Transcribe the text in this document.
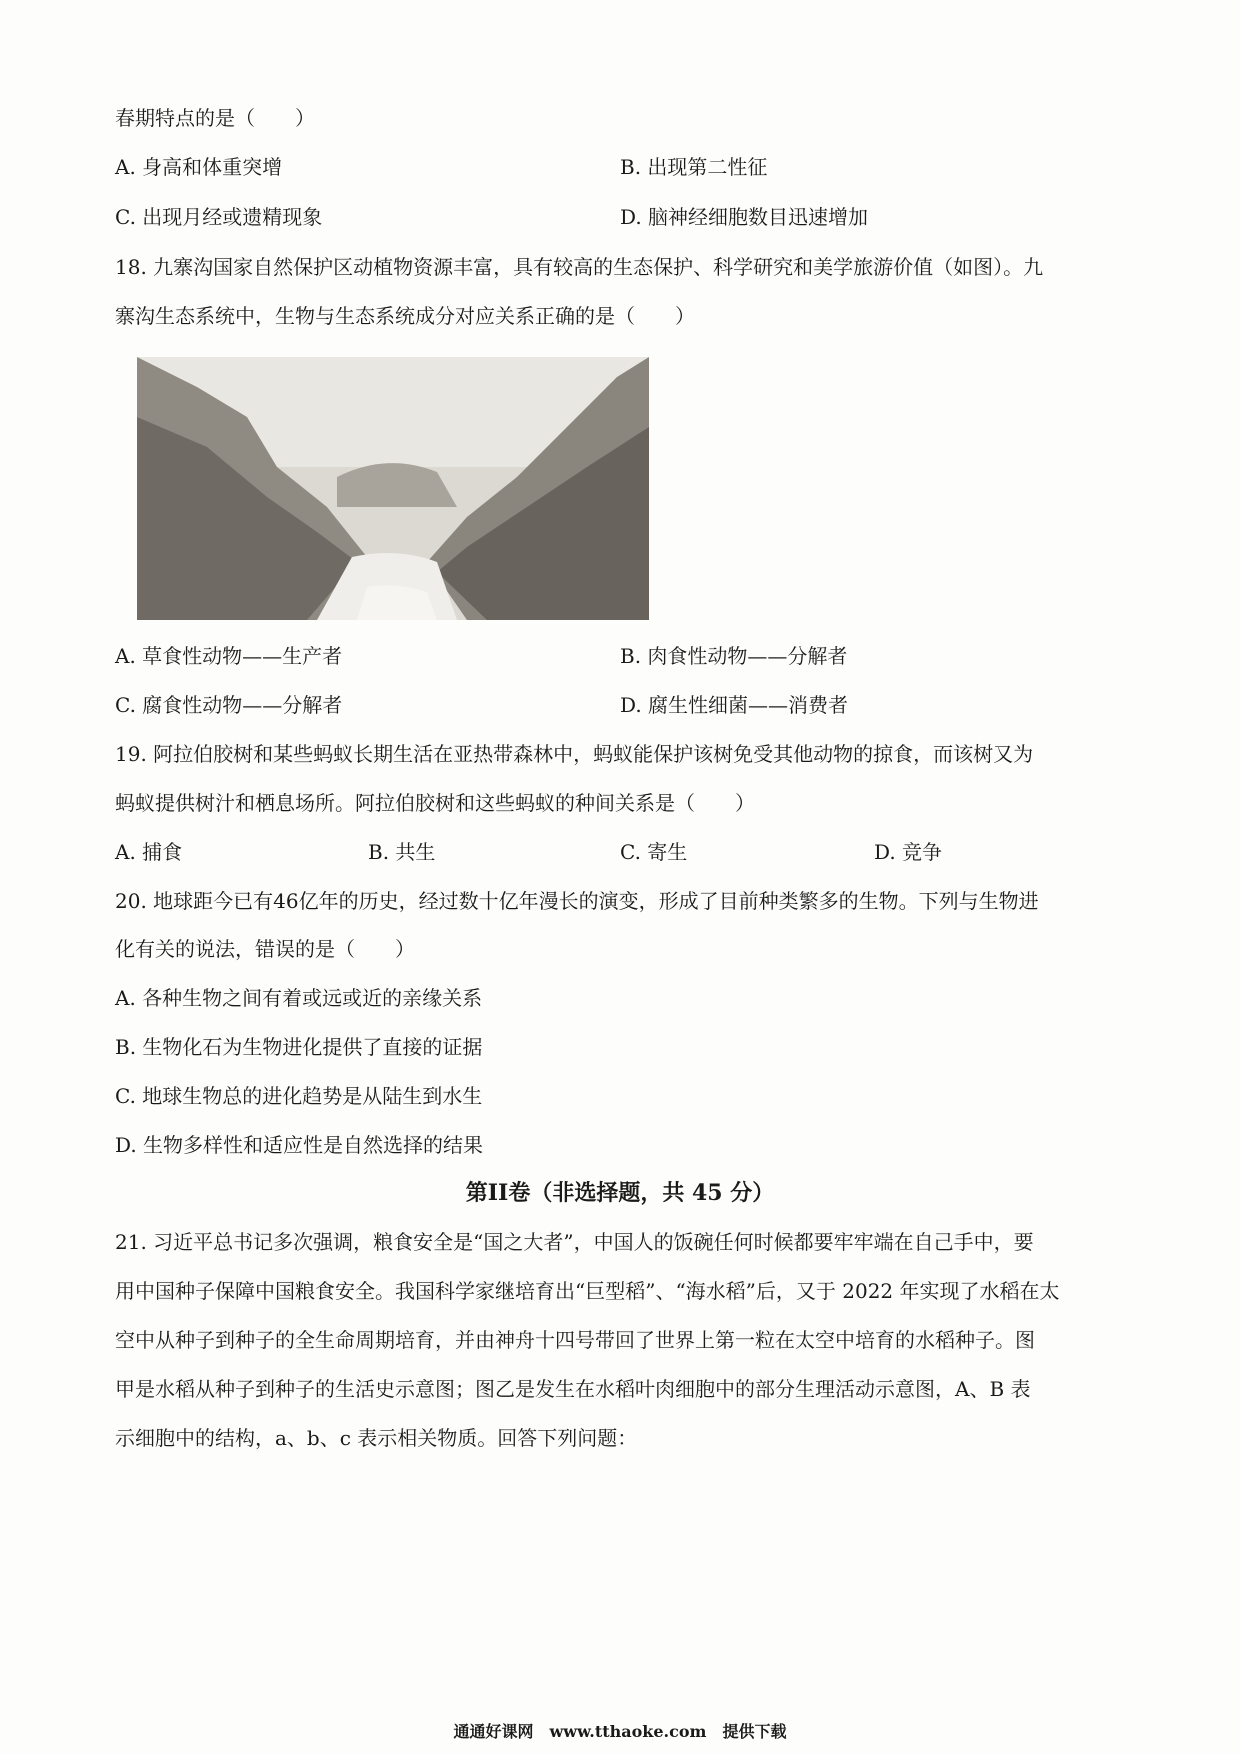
春期特点的是（　　）
A. 身高和体重突增	B. 出现第二性征
C. 出现月经或遗精现象	D. 脑神经细胞数目迅速增加
18. 九寨沟国家自然保护区动植物资源丰富，具有较高的生态保护、科学研究和美学旅游价值（如图）。九
寨沟生态系统中，生物与生态系统成分对应关系正确的是（　　）
A. 草食性动物——生产者	B. 肉食性动物——分解者
C. 腐食性动物——分解者	D. 腐生性细菌——消费者
19. 阿拉伯胶树和某些蚂蚁长期生活在亚热带森林中，蚂蚁能保护该树免受其他动物的掠食，而该树又为
蚂蚁提供树汁和栖息场所。阿拉伯胶树和这些蚂蚁的种间关系是（　　）
A. 捕食	B. 共生	C. 寄生	D. 竞争
20. 地球距今已有46亿年的历史，经过数十亿年漫长的演变，形成了目前种类繁多的生物。下列与生物进
化有关的说法，错误的是（　　）
A. 各种生物之间有着或远或近的亲缘关系
B. 生物化石为生物进化提供了直接的证据
C. 地球生物总的进化趋势是从陆生到水生
D. 生物多样性和适应性是自然选择的结果
第II卷（非选择题，共 45 分）
21. 习近平总书记多次强调，粮食安全是“国之大者”，中国人的饭碗任何时候都要牢牢端在自己手中，要
用中国种子保障中国粮食安全。我国科学家继培育出“巨型稻”、“海水稻”后，又于 2022 年实现了水稻在太
空中从种子到种子的全生命周期培育，并由神舟十四号带回了世界上第一粒在太空中培育的水稻种子。图
甲是水稻从种子到种子的生活史示意图；图乙是发生在水稻叶肉细胞中的部分生理活动示意图，A、B 表
示细胞中的结构，a、b、c 表示相关物质。回答下列问题：
通通好课网　www.tthaoke.com　提供下载
